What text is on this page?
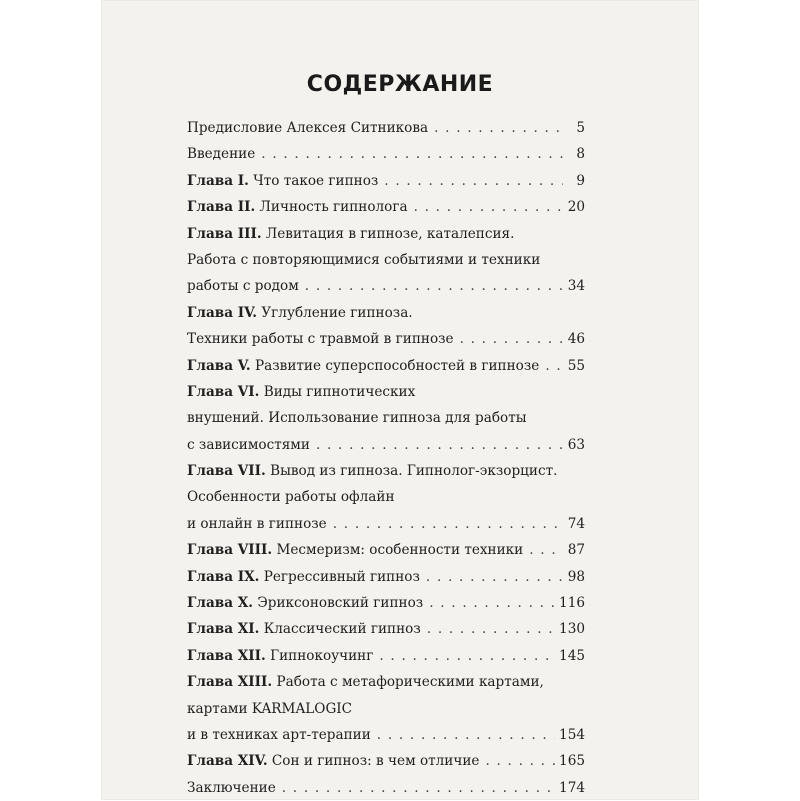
СОДЕРЖАНИЕ
Предисловие Алексея Ситникова . . .	5
Введение . . .	8
Глава I. Что такое гипноз . . .	9
Глава II. Личность гипнолога . . .	20
Глава III. Левитация в гипнозе, каталепсия.
Работа с повторяющимися событиями и техники
работы с родом . . .	34
Глава IV. Углубление гипноза.
Техники работы с травмой в гипнозе . . .	46
Глава V. Развитие суперспособностей в гипнозе . . . 55
Глава VI. Виды гипнотических
внушений. Использование гипноза для работы
с зависимостями . . .	63
Глава VII. Вывод из гипноза. Гипнолог-экзорцист.
Особенности работы офлайн
и онлайн в гипнозе . . .	74
Глава VIII. Месмеризм: особенности техники . . .	87
Глава IX. Регрессивный гипноз . . .	98
Глава X. Эриксоновский гипноз . . .	116
Глава XI. Классический гипноз . . .	130
Глава XII. Гипнокоучинг . . .	145
Глава XIII. Работа с метафорическими картами,
картами KARMALOGIC
и в техниках арт-терапии . . .	154
Глава XIV. Сон и гипноз: в чем отличие . . .	165
Заключение . . .	174
